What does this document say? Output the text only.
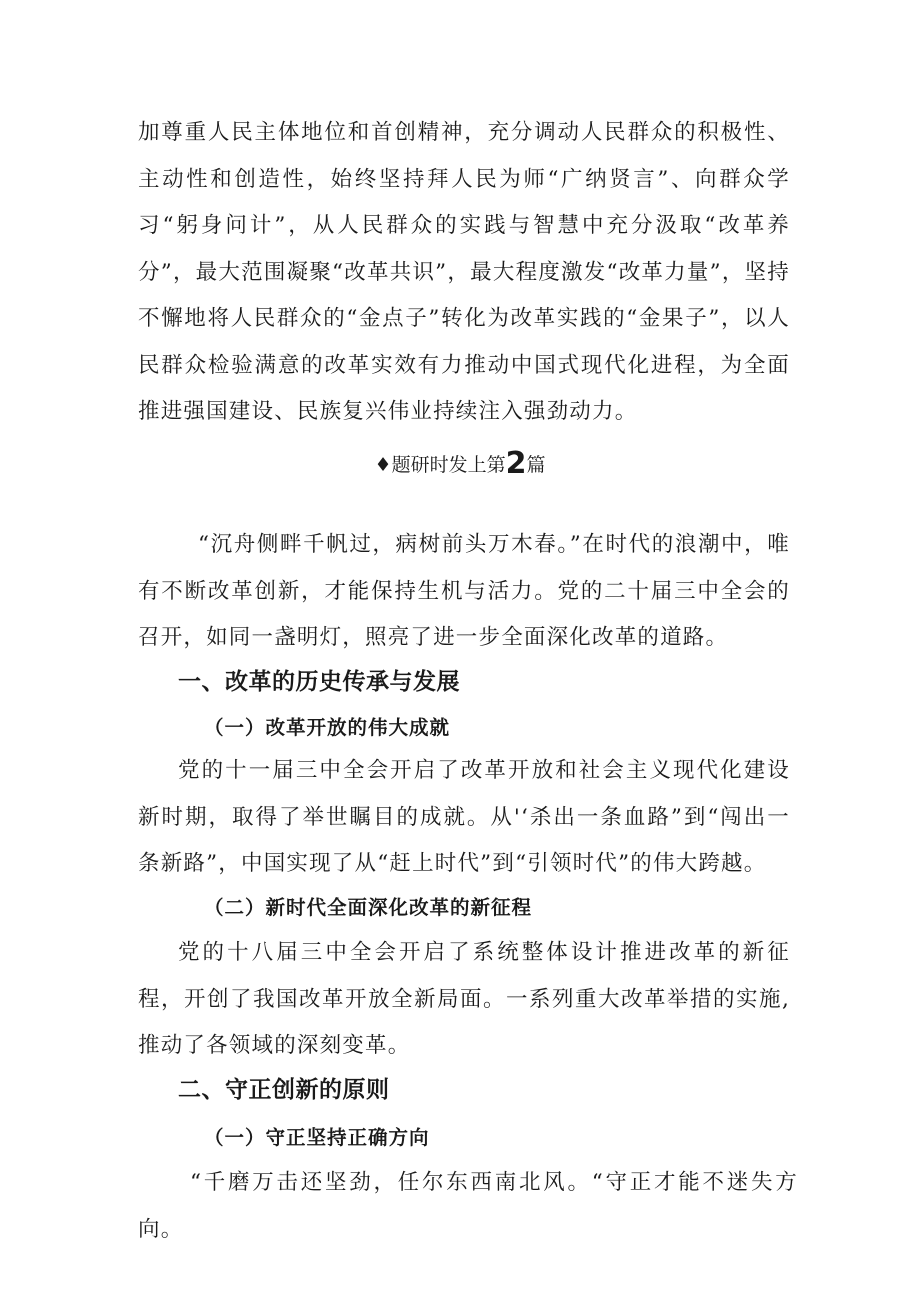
加尊重人民主体地位和首创精神，充分调动人民群众的积极性、主动性和创造性，始终坚持拜人民为师“广纳贤言”、向群众学习“躬身问计”，从人民群众的实践与智慧中充分汲取“改革养分”，最大范围凝聚“改革共识”，最大程度激发“改革力量”，坚持不懈地将人民群众的“金点子”转化为改革实践的“金果子”，以人民群众检验满意的改革实效有力推动中国式现代化进程，为全面推进强国建设、民族复兴伟业持续注入强劲动力。

♦题研时发上第2篇

“沉舟侧畔千帆过，病树前头万木春。”在时代的浪潮中，唯有不断改革创新，才能保持生机与活力。党的二十届三中全会的召开，如同一盏明灯，照亮了进一步全面深化改革的道路。

一、改革的历史传承与发展
（一）改革开放的伟大成就

党的十一届三中全会开启了改革开放和社会主义现代化建设新时期，取得了举世瞩目的成就。从'‘杀出一条血路”到“闯出一条新路”，中国实现了从“赶上时代”到“引领时代”的伟大跨越。

（二）新时代全面深化改革的新征程

党的十八届三中全会开启了系统整体设计推进改革的新征程，开创了我国改革开放全新局面。一系列重大改革举措的实施,推动了各领域的深刻变革。

二、守正创新的原则
（一）守正坚持正确方向

“千磨万击还坚劲，任尔东西南北风。“守正才能不迷失方向。
